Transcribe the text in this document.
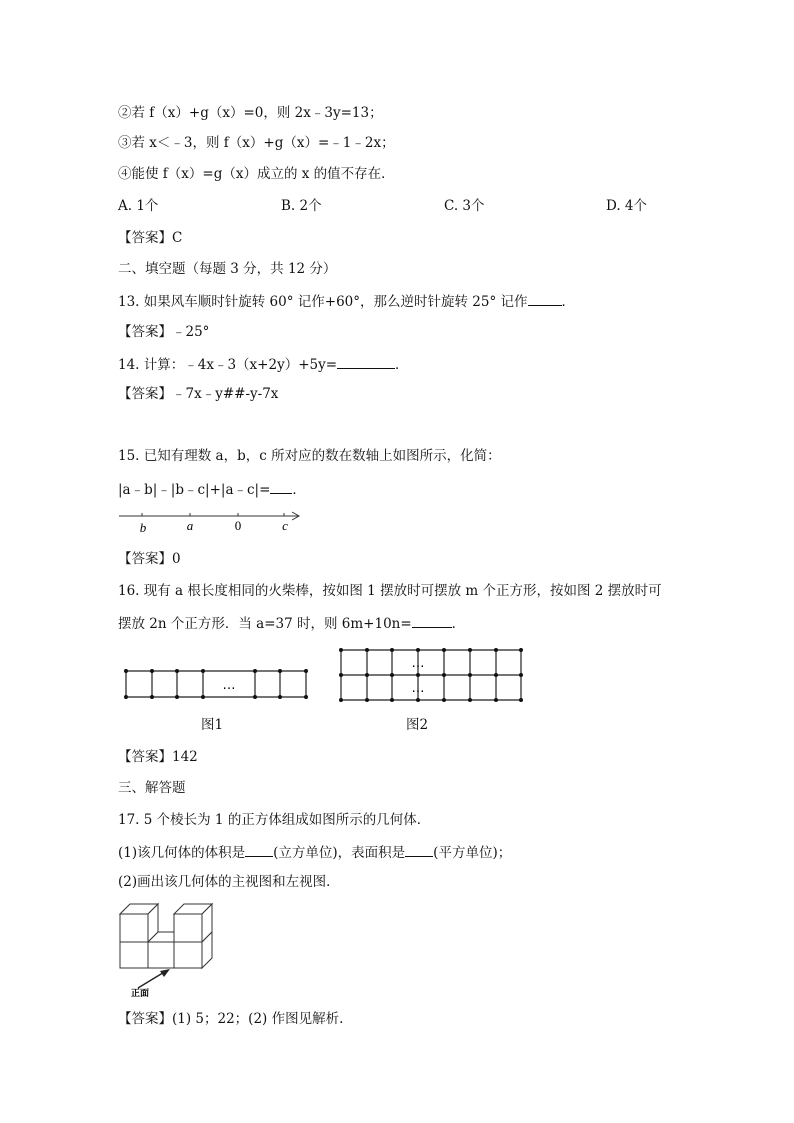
②若 f（x）+g（x）=0，则 2x﹣3y=13；
③若 x＜﹣3，则 f（x）+g（x）=﹣1﹣2x；
④能使 f（x）=g（x）成立的 x 的值不存在．
A. 1个	B. 2个	C. 3个	D. 4个
【答案】C
二、填空题（每题 3 分，共 12 分）
13. 如果风车顺时针旋转 60° 记作+60°，那么逆时针旋转 25° 记作	．
【答案】﹣25°
14. 计算：﹣4x﹣3（x+2y）+5y=	．
【答案】﹣7x﹣y##-y-7x
15. 已知有理数 a，b，c 所对应的数在数轴上如图所示，化简：
|a﹣b|﹣|b﹣c|+|a﹣c|= ．
b	a	0	c
【答案】0
16. 现有 a 根长度相同的火柴棒，按如图 1 摆放时可摆放 m 个正方形，按如图 2 摆放时可
摆放 2n 个正方形．当 a=37 时，则 6m+10n=	．
…
图1
…
…
图2
【答案】142
三、解答题
17. 5 个棱长为 1 的正方体组成如图所示的几何体．
(1)该几何体的体积是 (立方单位)，表面积是 (平方单位)；
(2)画出该几何体的主视图和左视图．
正面
【答案】(1) 5；22；(2) 作图见解析.
